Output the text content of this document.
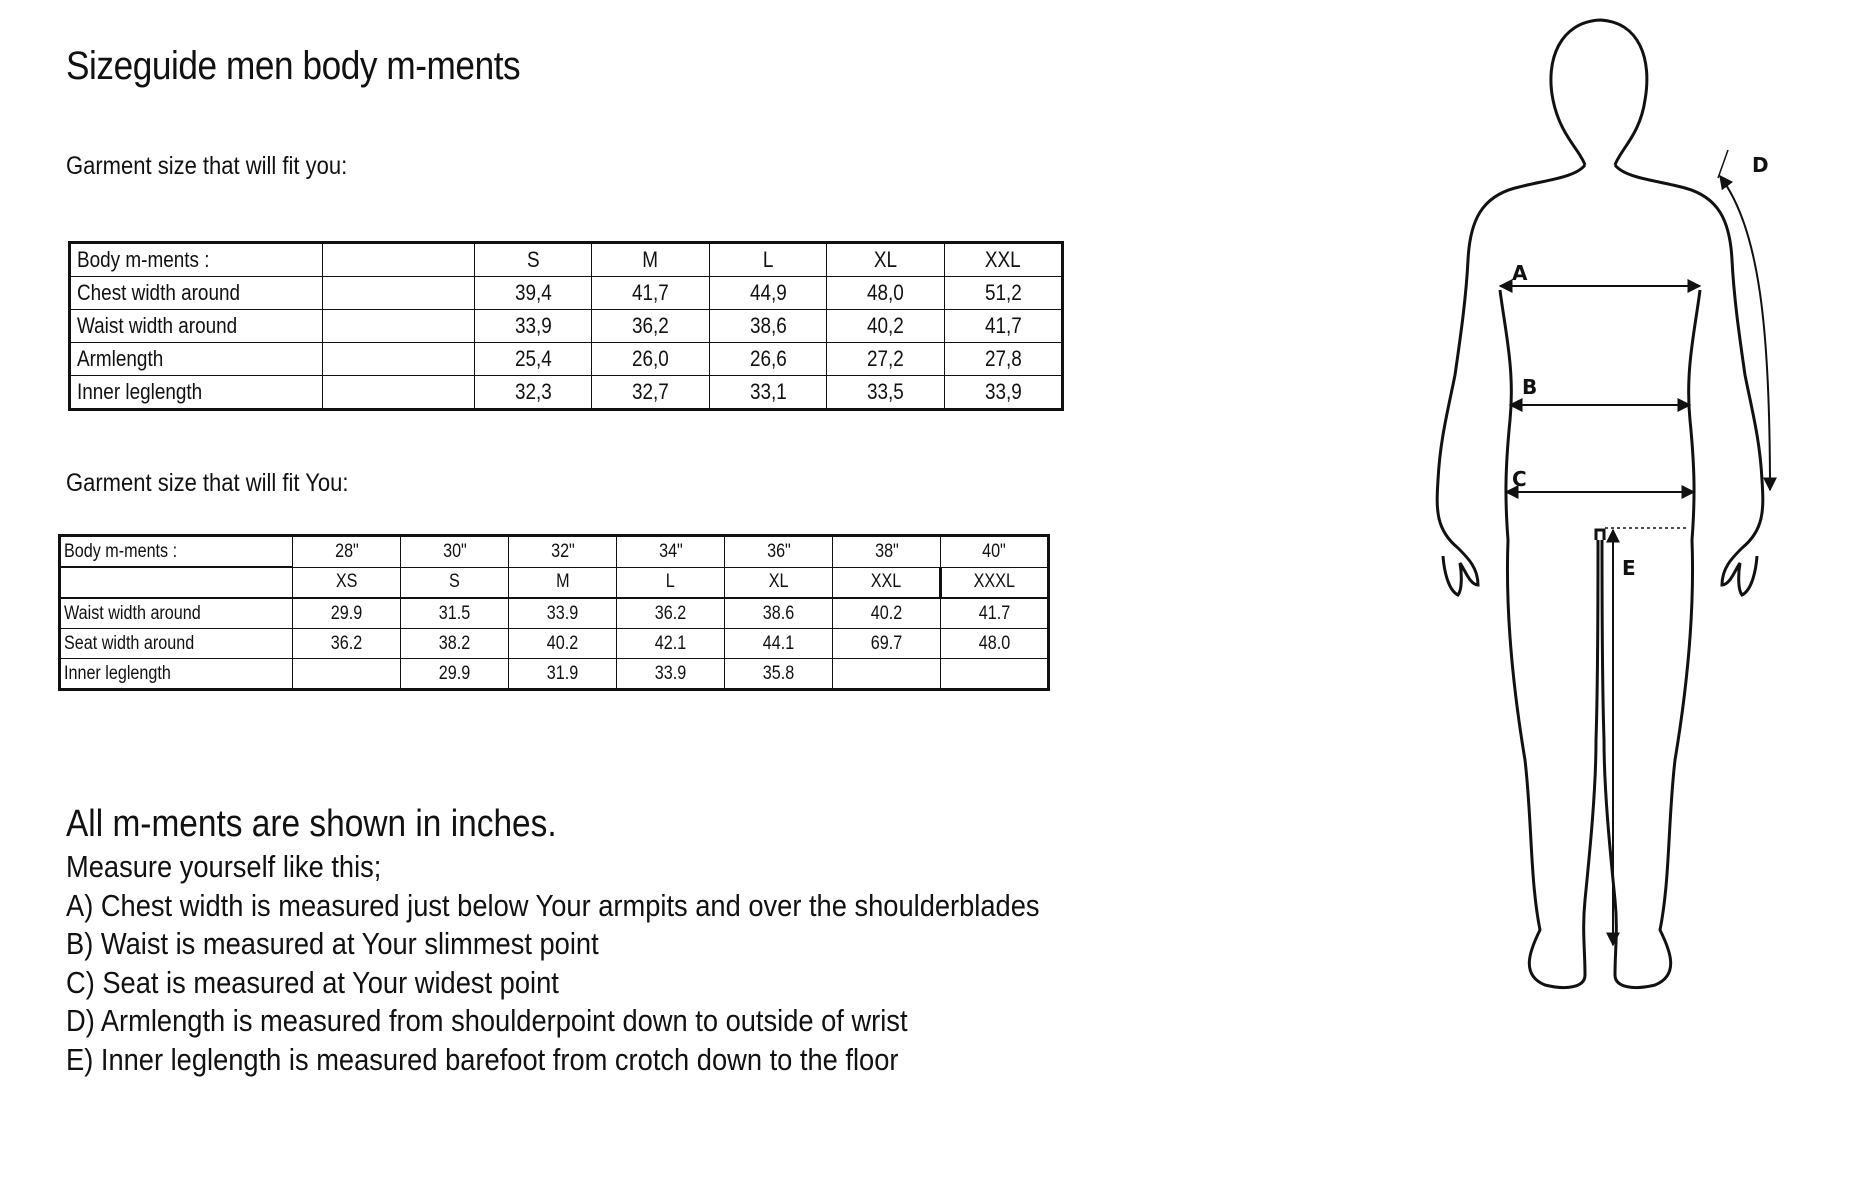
Sizeguide men body m-ments
Garment size that will fit you:
Body m-ments :		S	M	L	XL	XXL
Chest width around		39,4	41,7	44,9	48,0	51,2
Waist width around		33,9	36,2	38,6	40,2	41,7
Armlength		25,4	26,0	26,6	27,2	27,8
Inner leglength		32,3	32,7	33,1	33,5	33,9
Garment size that will fit You:
Body m-ments :	28"	30"	32"	34"	36"	38"	40"
	XS	S	M	L	XL	XXL	XXXL
Waist width around	29.9	31.5	33.9	36.2	38.6	40.2	41.7
Seat width around	36.2	38.2	40.2	42.1	44.1	69.7	48.0
Inner leglength		29.9	31.9	33.9	35.8		
All m-ments are shown in inches.
Measure yourself like this;
A) Chest width is measured just below Your armpits and over the shoulderblades
B) Waist is measured at Your slimmest point
C) Seat is measured at Your widest point
D) Armlength is measured from shoulderpoint down to outside of wrist
E) Inner leglength is measured barefoot from crotch down to the floor
A
B
C
D
E
